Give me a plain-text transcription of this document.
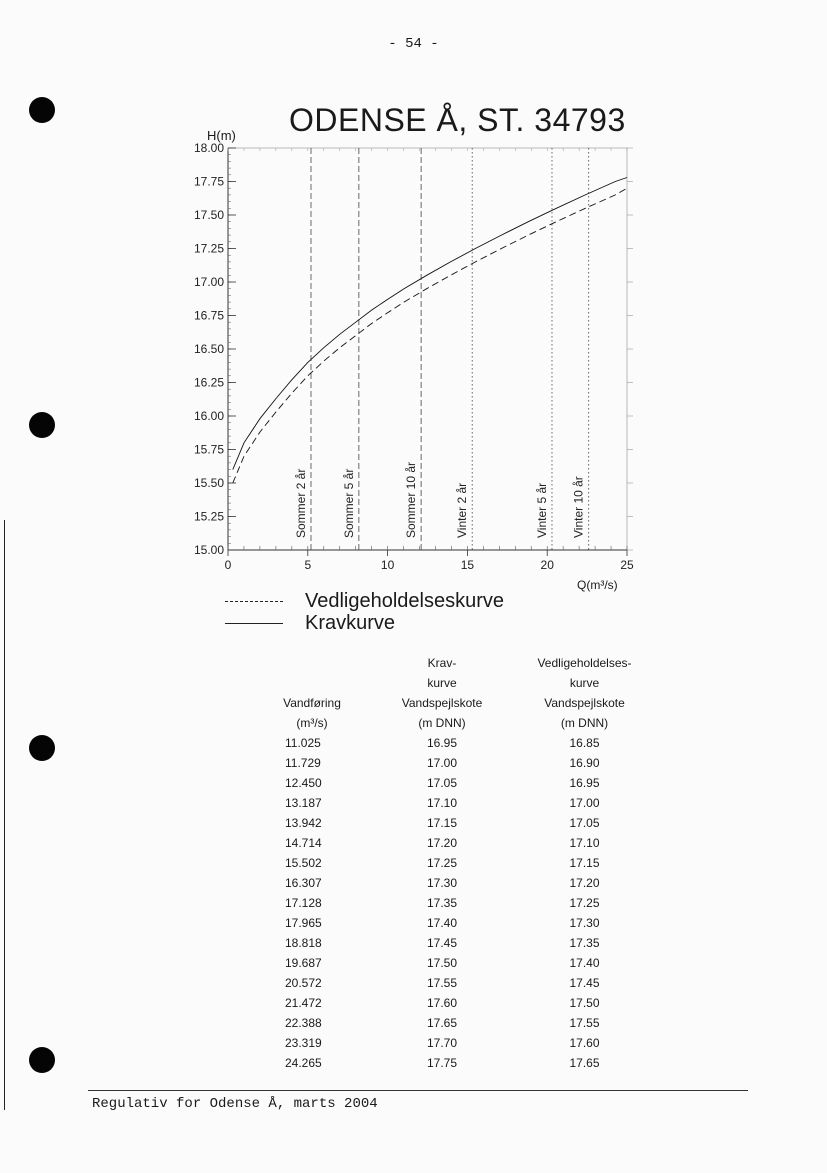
- 54 -
ODENSE Å, ST. 34793
H(m)
Q(m³/s)
15.00
15.25
15.50
15.75
16.00
16.25
16.50
16.75
17.00
17.25
17.50
17.75
18.00
0	5	10	15	20	25
Sommer 2 år	Sommer 5 år	Sommer 10 år	Vinter 2 år	Vinter 5 år Vinter 10 år
Vedligeholdelseskurve
Kravkurve
	Krav-	Vedligeholdelses-
	kurve	kurve
Vandføring	Vandspejlskote	Vandspejlskote
(m³/s)	(m DNN)	(m DNN)
11.025	16.95	16.85
11.729	17.00	16.90
12.450	17.05	16.95
13.187	17.10	17.00
13.942	17.15	17.05
14.714	17.20	17.10
15.502	17.25	17.15
16.307	17.30	17.20
17.128	17.35	17.25
17.965	17.40	17.30
18.818	17.45	17.35
19.687	17.50	17.40
20.572	17.55	17.45
21.472	17.60	17.50
22.388	17.65	17.55
23.319	17.70	17.60
24.265	17.75	17.65
Regulativ for Odense Å, marts 2004
